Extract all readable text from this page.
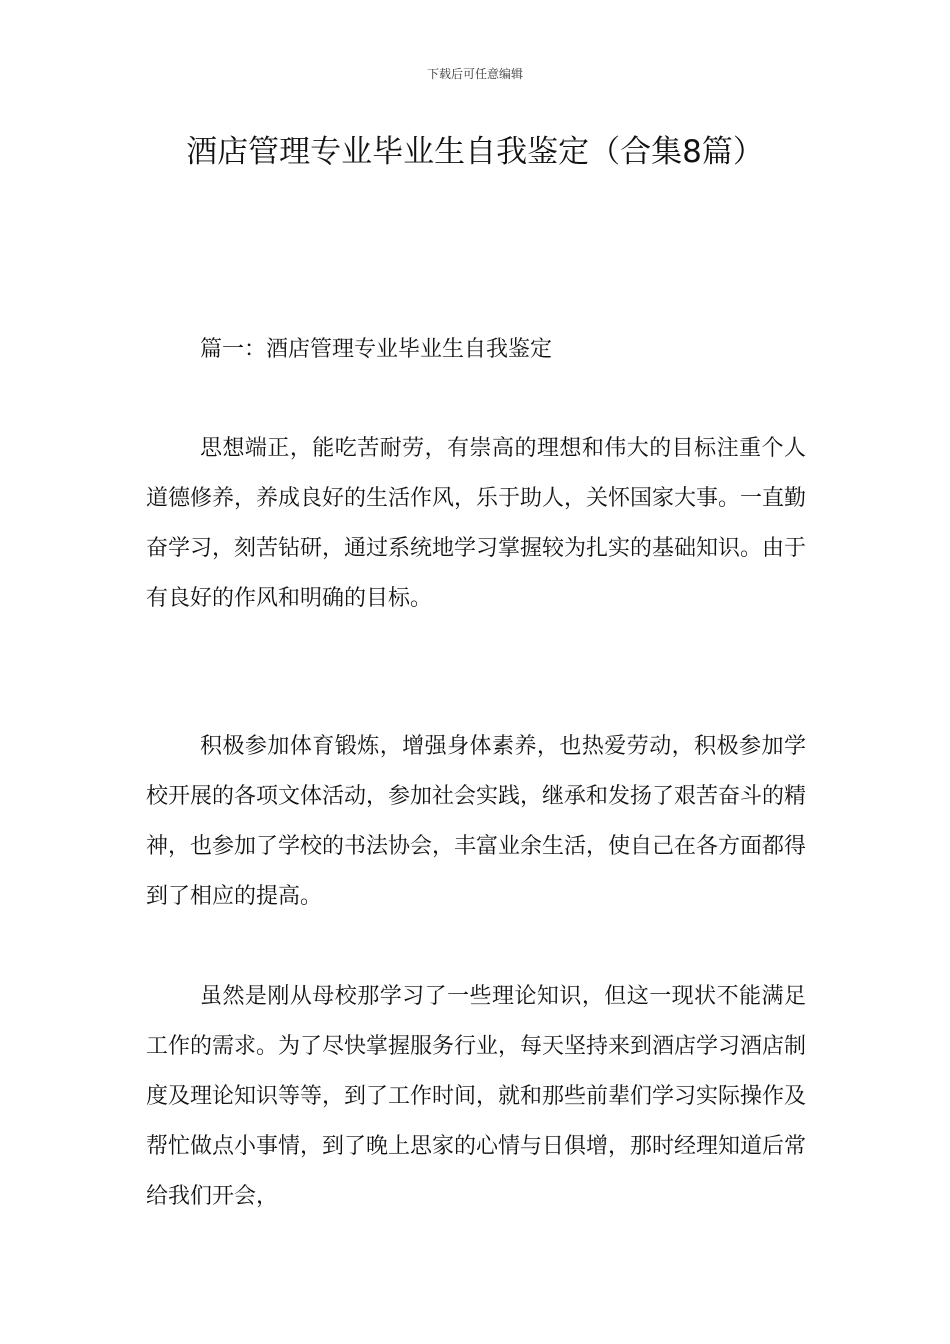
下载后可任意编辑
酒店管理专业毕业生自我鉴定（合集8篇）
篇一：酒店管理专业毕业生自我鉴定

思想端正，能吃苦耐劳，有崇高的理想和伟大的目标注重个人道德修养，养成良好的生活作风，乐于助人，关怀国家大事。一直勤奋学习，刻苦钻研，通过系统地学习掌握较为扎实的基础知识。由于有良好的作风和明确的目标。

积极参加体育锻炼，增强身体素养，也热爱劳动，积极参加学校开展的各项文体活动，参加社会实践，继承和发扬了艰苦奋斗的精神，也参加了学校的书法协会，丰富业余生活，使自己在各方面都得到了相应的提高。

虽然是刚从母校那学习了一些理论知识，但这一现状不能满足工作的需求。为了尽快掌握服务行业，每天坚持来到酒店学习酒店制度及理论知识等等，到了工作时间，就和那些前辈们学习实际操作及帮忙做点小事情，到了晚上思家的心情与日俱增，那时经理知道后常给我们开会，
